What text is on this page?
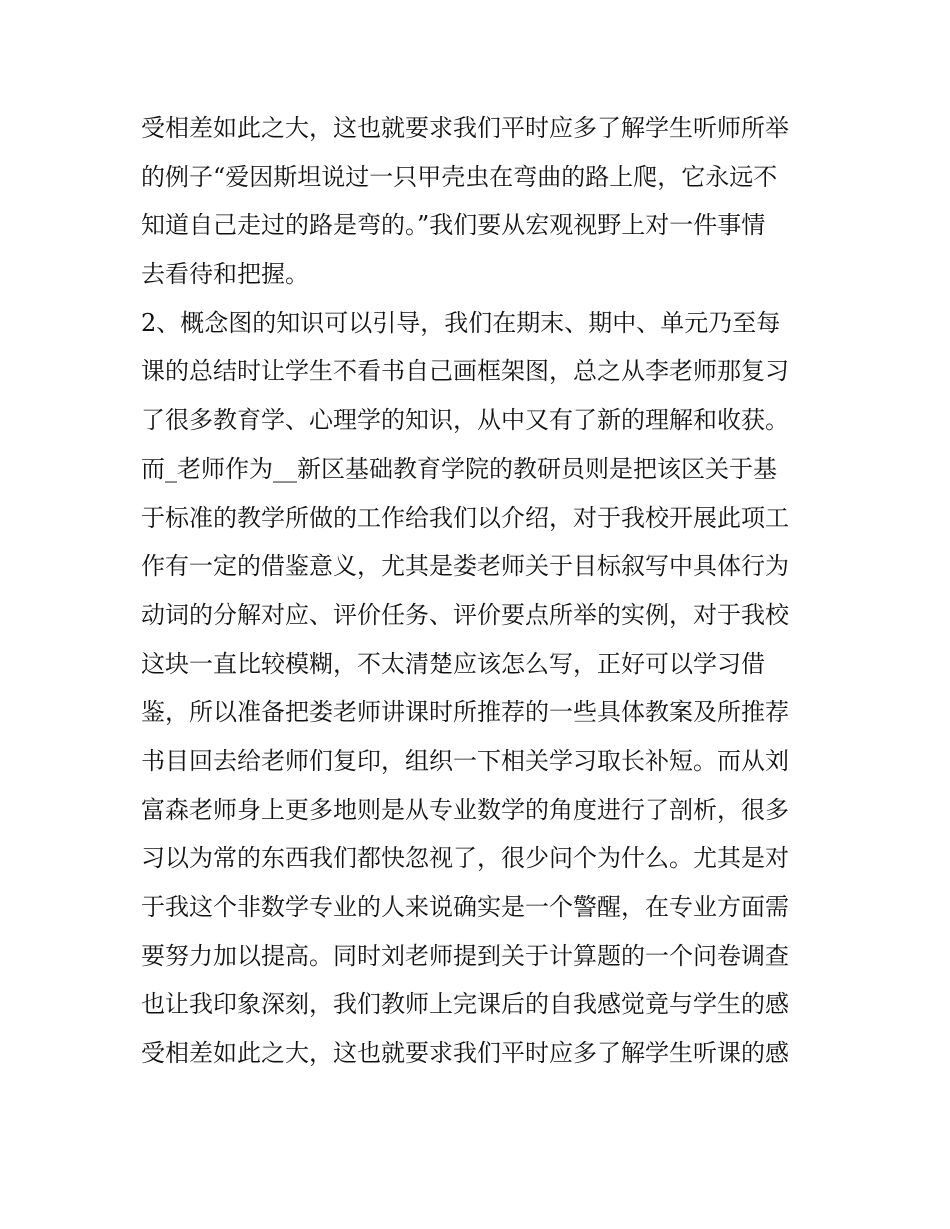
受相差如此之大，这也就要求我们平时应多了解学生听师所举
的例子“爱因斯坦说过一只甲壳虫在弯曲的路上爬，它永远不
知道自己走过的路是弯的。”我们要从宏观视野上对一件事情
去看待和把握。
2、概念图的知识可以引导，我们在期末、期中、单元乃至每
课的总结时让学生不看书自己画框架图，总之从李老师那复习
了很多教育学、心理学的知识，从中又有了新的理解和收获。
而_老师作为__新区基础教育学院的教研员则是把该区关于基
于标准的教学所做的工作给我们以介绍，对于我校开展此项工
作有一定的借鉴意义，尤其是娄老师关于目标叙写中具体行为
动词的分解对应、评价任务、评价要点所举的实例，对于我校
这块一直比较模糊，不太清楚应该怎么写，正好可以学习借
鉴，所以准备把娄老师讲课时所推荐的一些具体教案及所推荐
书目回去给老师们复印，组织一下相关学习取长补短。而从刘
富森老师身上更多地则是从专业数学的角度进行了剖析，很多
习以为常的东西我们都快忽视了，很少问个为什么。尤其是对
于我这个非数学专业的人来说确实是一个警醒，在专业方面需
要努力加以提高。同时刘老师提到关于计算题的一个问卷调查
也让我印象深刻，我们教师上完课后的自我感觉竟与学生的感
受相差如此之大，这也就要求我们平时应多了解学生听课的感
